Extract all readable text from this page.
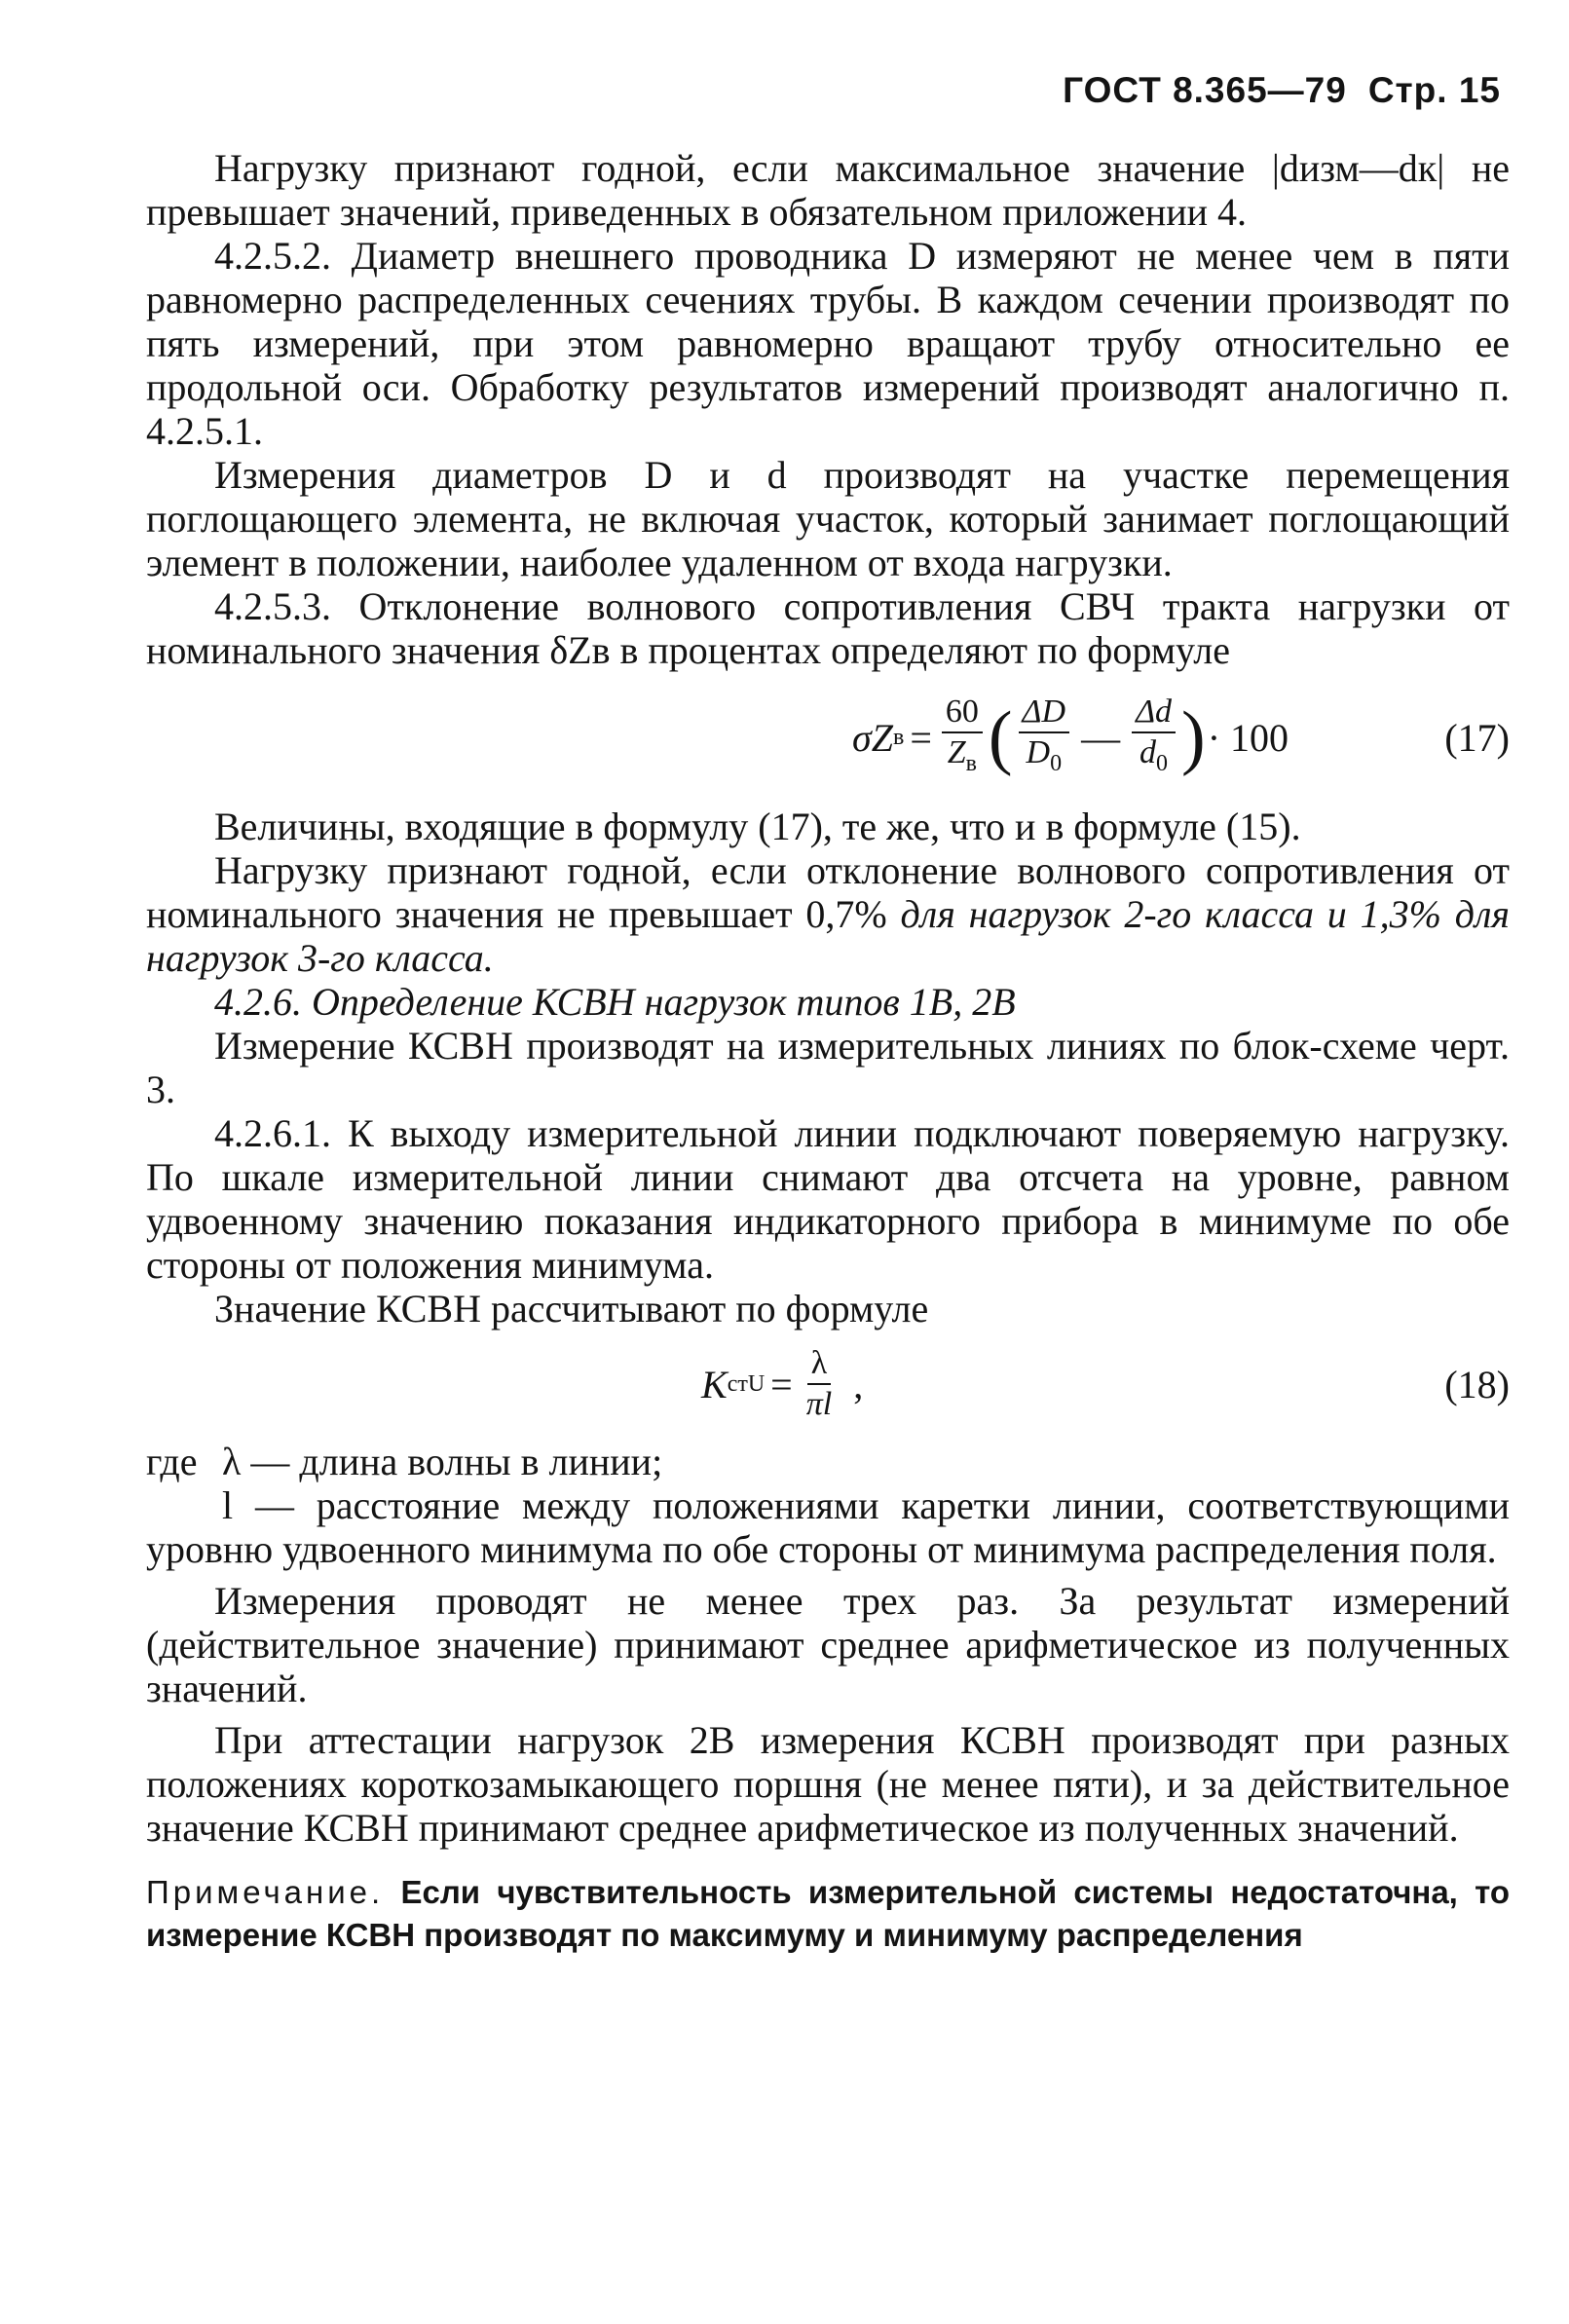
ГОСТ 8.365—79 Стр. 15

Нагрузку признают годной, если максимальное значение |dизм—dк| не превышает значений, приведенных в обязательном приложении 4.

4.2.5.2. Диаметр внешнего проводника D измеряют не менее чем в пяти равномерно распределенных сечениях трубы. В каждом сечении производят по пять измерений, при этом равномерно вращают трубу относительно ее продольной оси. Обработку результатов измерений производят аналогично п. 4.2.5.1.

Измерения диаметров D и d производят на участке перемещения поглощающего элемента, не включая участок, который занимает поглощающий элемент в положении, наиболее удаленном от входа нагрузки.

4.2.5.3. Отклонение волнового сопротивления СВЧ тракта нагрузки от номинального значения δZв в процентах определяют по формуле

σZ $в = \frac{60}{Z_в}$ ( $\frac{\Delta D}{D_0}$ — $\frac{\Delta d}{d_0}$ ) · 100	(17)

Величины, входящие в формулу (17), те же, что и в формуле (15).

Нагрузку признают годной, если отклонение волнового сопротивления от номинального значения не превышает 0,7% для нагрузок 2-го класса и 1,3% для нагрузок 3-го класса.

4.2.6. Определение КСВН нагрузок типов 1В, 2В

Измерение КСВН производят на измерительных линиях по блок-схеме черт. 3.

4.2.6.1. К выходу измерительной линии подключают поверяемую нагрузку. По шкале измерительной линии снимают два отсчета на уровне, равном удвоенному значению показания индикаторного прибора в минимуме по обе стороны от положения минимума.

Значение КСВН рассчитывают по формуле

K стU = $\frac{\lambda}{\pi l}$ ,	(18)
где λ — длина волны в линии;

l — расстояние между положениями каретки линии, соответствующими уровню удвоенного минимума по обе стороны от минимума распределения поля.

Измерения проводят не менее трех раз. За результат измерений (действительное значение) принимают среднее арифметическое из полученных значений.

При аттестации нагрузок 2В измерения КСВН производят при разных положениях короткозамыкающего поршня (не менее пяти), и за действительное значение КСВН принимают среднее арифметическое из полученных значений.

Примечание. Если чувствительность измерительной системы недостаточна, то измерение КСВН производят по максимуму и минимуму распределения
